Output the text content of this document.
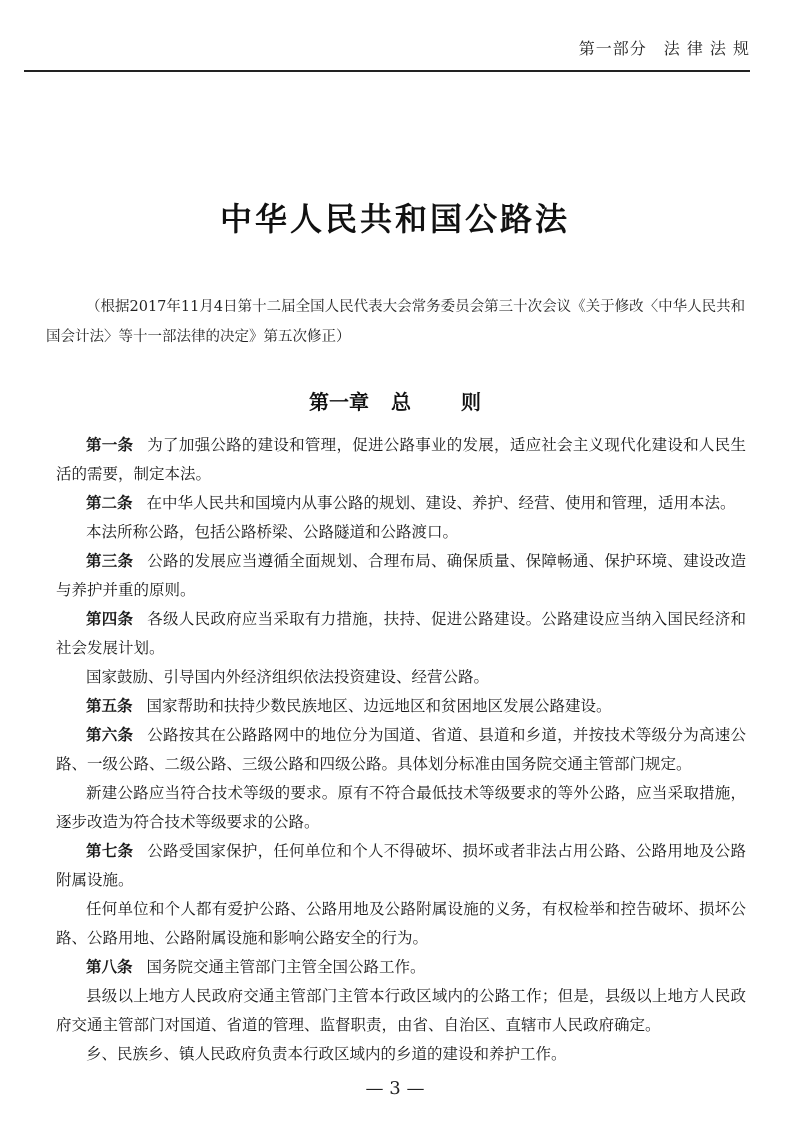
第一部分　法 律 法 规
中华人民共和国公路法
（根据2017年11月4日第十二届全国人民代表大会常务委员会第三十次会议《关于修改〈中华人民共和国会计法〉等十一部法律的决定》第五次修正）
第一章 总	则

第一条 为了加强公路的建设和管理，促进公路事业的发展，适应社会主义现代化建设和人民生活的需要，制定本法。

第二条 在中华人民共和国境内从事公路的规划、建设、养护、经营、使用和管理，适用本法。

本法所称公路，包括公路桥梁、公路隧道和公路渡口。

第三条 公路的发展应当遵循全面规划、合理布局、确保质量、保障畅通、保护环境、建设改造与养护并重的原则。

第四条 各级人民政府应当采取有力措施，扶持、促进公路建设。公路建设应当纳入国民经济和社会发展计划。

国家鼓励、引导国内外经济组织依法投资建设、经营公路。

第五条 国家帮助和扶持少数民族地区、边远地区和贫困地区发展公路建设。

第六条 公路按其在公路路网中的地位分为国道、省道、县道和乡道，并按技术等级分为高速公路、一级公路、二级公路、三级公路和四级公路。具体划分标准由国务院交通主管部门规定。

新建公路应当符合技术等级的要求。原有不符合最低技术等级要求的等外公路，应当采取措施，逐步改造为符合技术等级要求的公路。

第七条 公路受国家保护，任何单位和个人不得破坏、损坏或者非法占用公路、公路用地及公路附属设施。

任何单位和个人都有爱护公路、公路用地及公路附属设施的义务，有权检举和控告破坏、损坏公路、公路用地、公路附属设施和影响公路安全的行为。

第八条 国务院交通主管部门主管全国公路工作。

县级以上地方人民政府交通主管部门主管本行政区域内的公路工作；但是，县级以上地方人民政府交通主管部门对国道、省道的管理、监督职责，由省、自治区、直辖市人民政府确定。

乡、民族乡、镇人民政府负责本行政区域内的乡道的建设和养护工作。

— 3 —
